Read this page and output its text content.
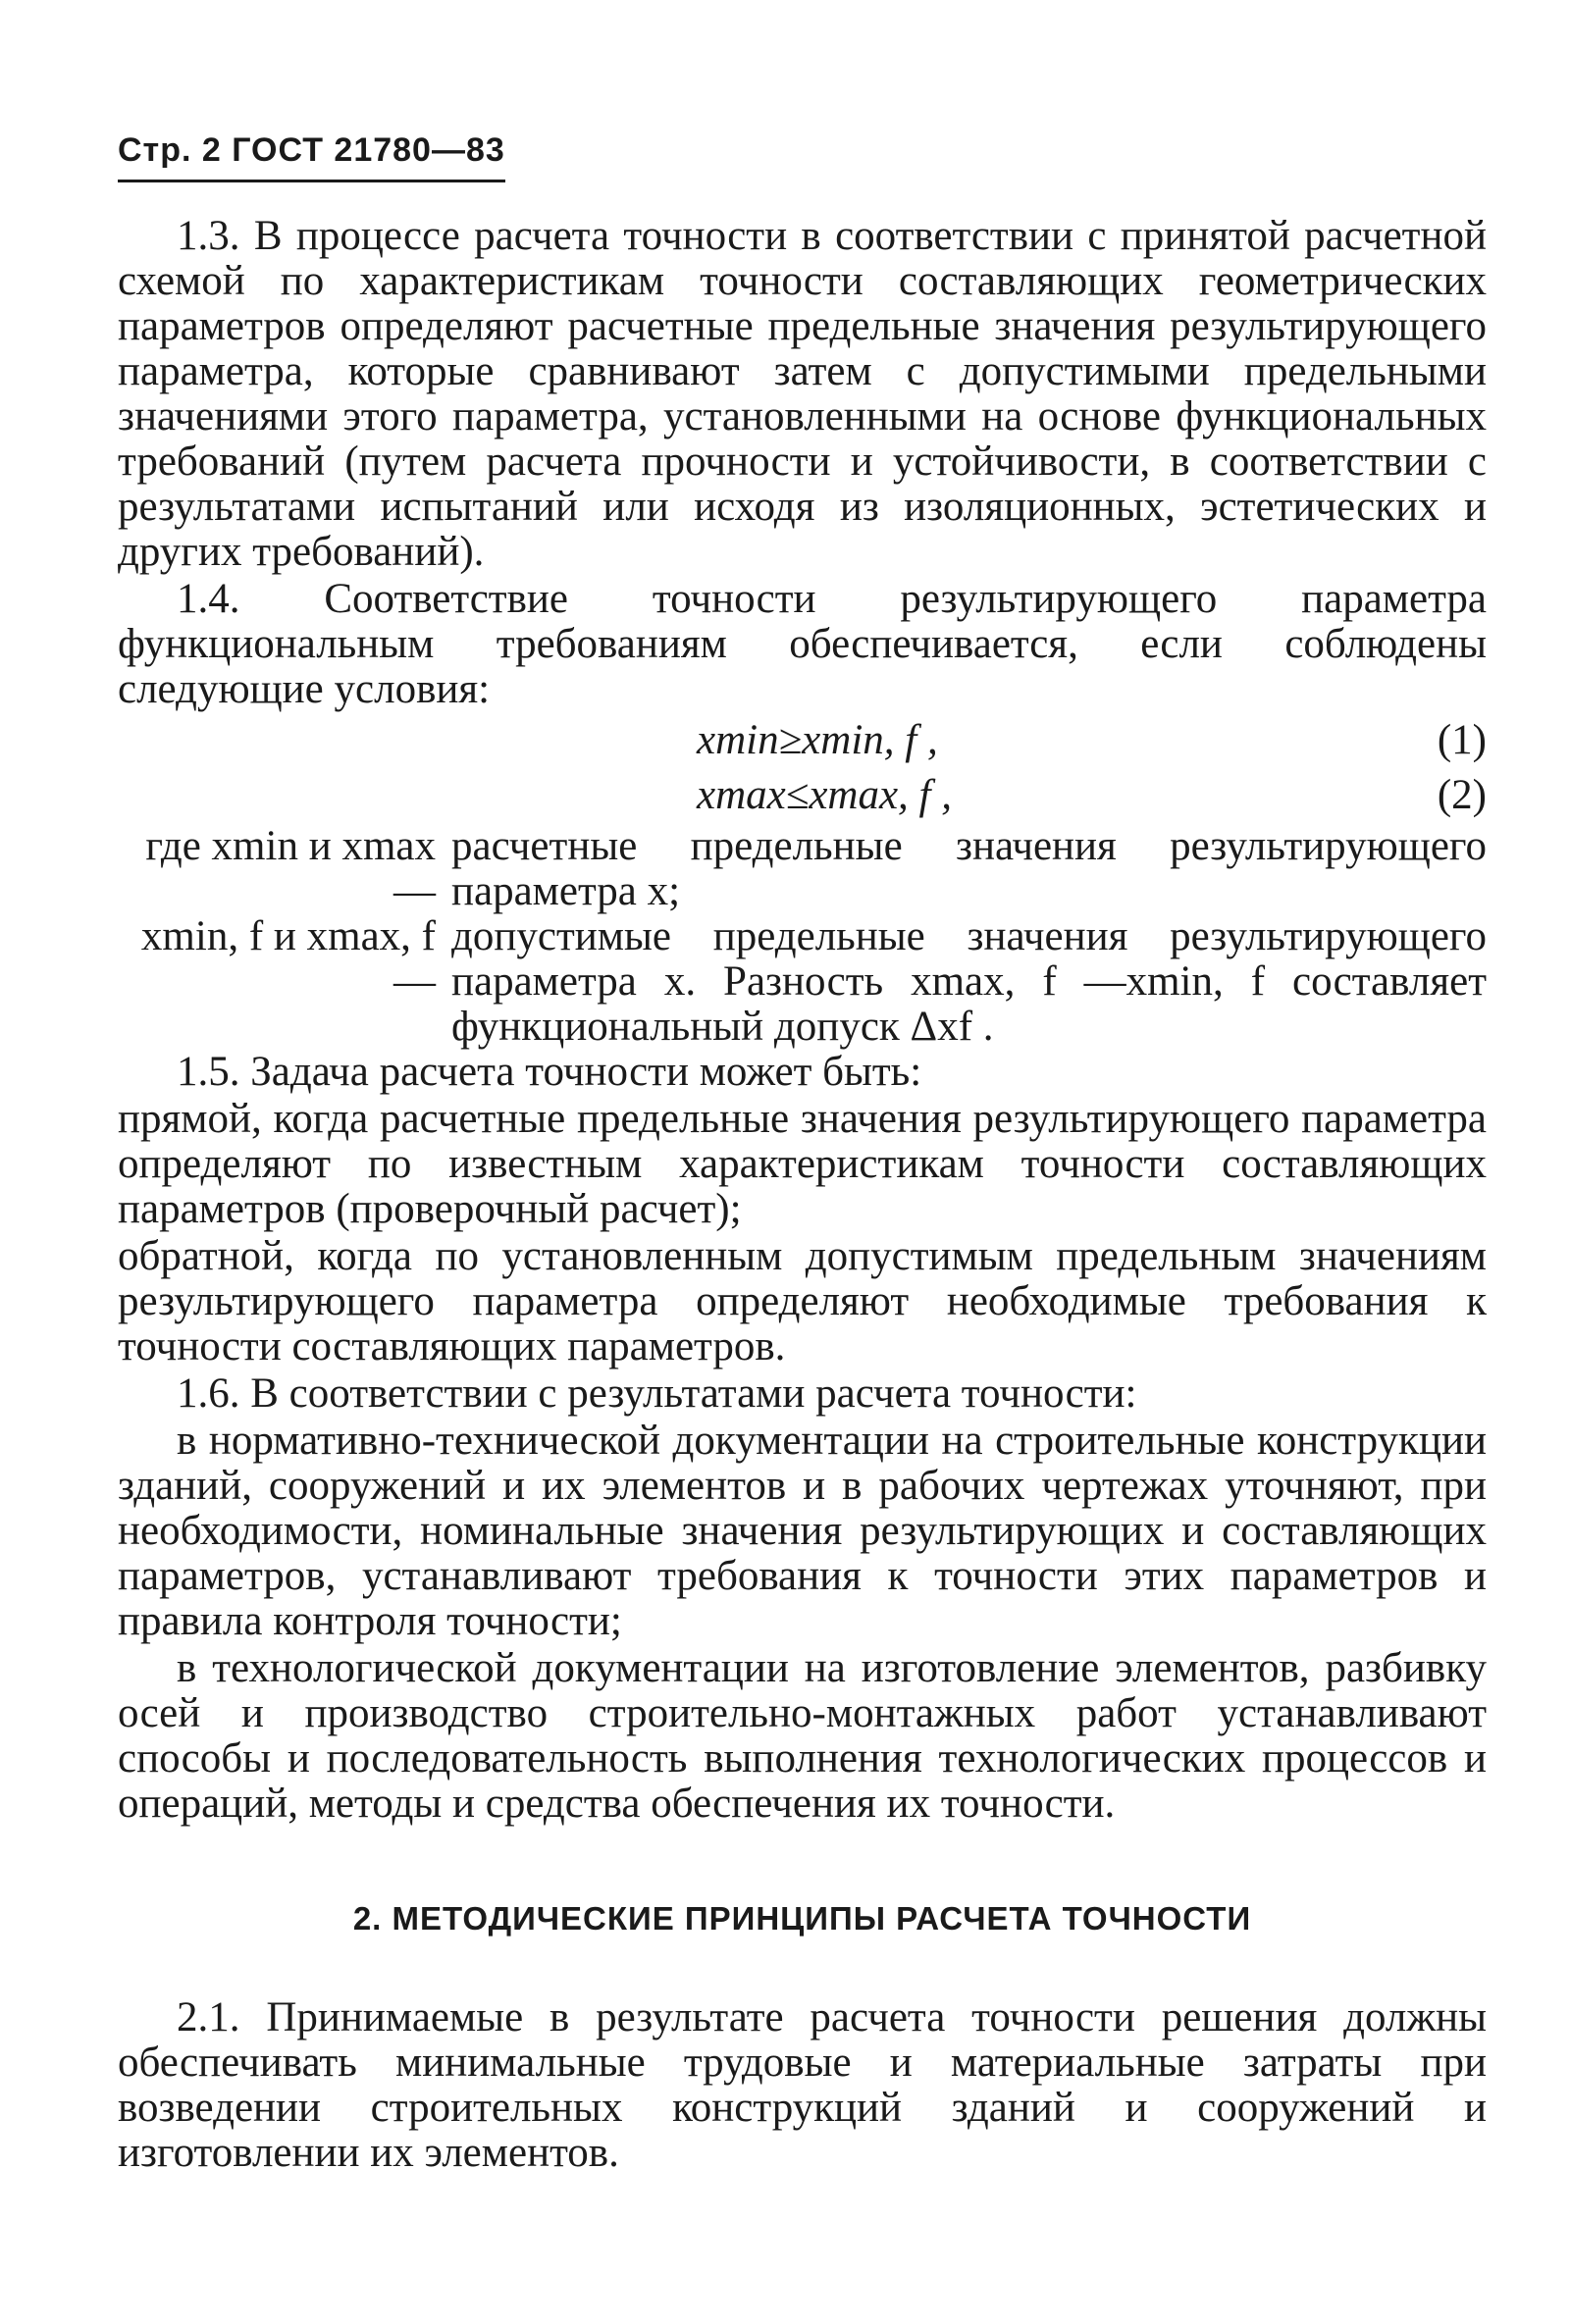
Стр. 2 ГОСТ 21780—83

1.3. В процессе расчета точности в соответствии с принятой расчетной схемой по характеристикам точности составляющих геометрических параметров определяют расчетные предельные значения результирующего параметра, которые сравнивают затем с допустимыми предельными значениями этого параметра, установленными на основе функциональных требований (путем расчета прочности и устойчивости, в соответствии с результатами испытаний или исходя из изоляционных, эстетических и других требований).

1.4. Соответствие точности результирующего параметра функциональным требованиям обеспечивается, если соблюдены следующие условия:

xmin≥xmin, f ,	(1)
xmax≤xmax, f ,	(2)
где xmin и xmax —
расчетные предельные значения результирующего параметра x;
xmin, f и xmax, f —
допустимые предельные значения результирующего параметра x. Разность xmax, f —xmin, f составляет функциональный допуск Δxf .

1.5. Задача расчета точности может быть:

прямой, когда расчетные предельные значения результирующего параметра определяют по известным характеристикам точности составляющих параметров (проверочный расчет);

обратной, когда по установленным допустимым предельным значениям результирующего параметра определяют необходимые требования к точности составляющих параметров.

1.6. В соответствии с результатами расчета точности:

в нормативно-технической документации на строительные конструкции зданий, сооружений и их элементов и в рабочих чертежах уточняют, при необходимости, номинальные значения результирующих и составляющих параметров, устанавливают требования к точности этих параметров и правила контроля точности;

в технологической документации на изготовление элементов, разбивку осей и производство строительно-монтажных работ устанавливают способы и последовательность выполнения технологических процессов и операций, методы и средства обеспечения их точности.

2. МЕТОДИЧЕСКИЕ ПРИНЦИПЫ РАСЧЕТА ТОЧНОСТИ

2.1. Принимаемые в результате расчета точности решения должны обеспечивать минимальные трудовые и материальные затраты при возведении строительных конструкций зданий и сооружений и изготовлении их элементов.
